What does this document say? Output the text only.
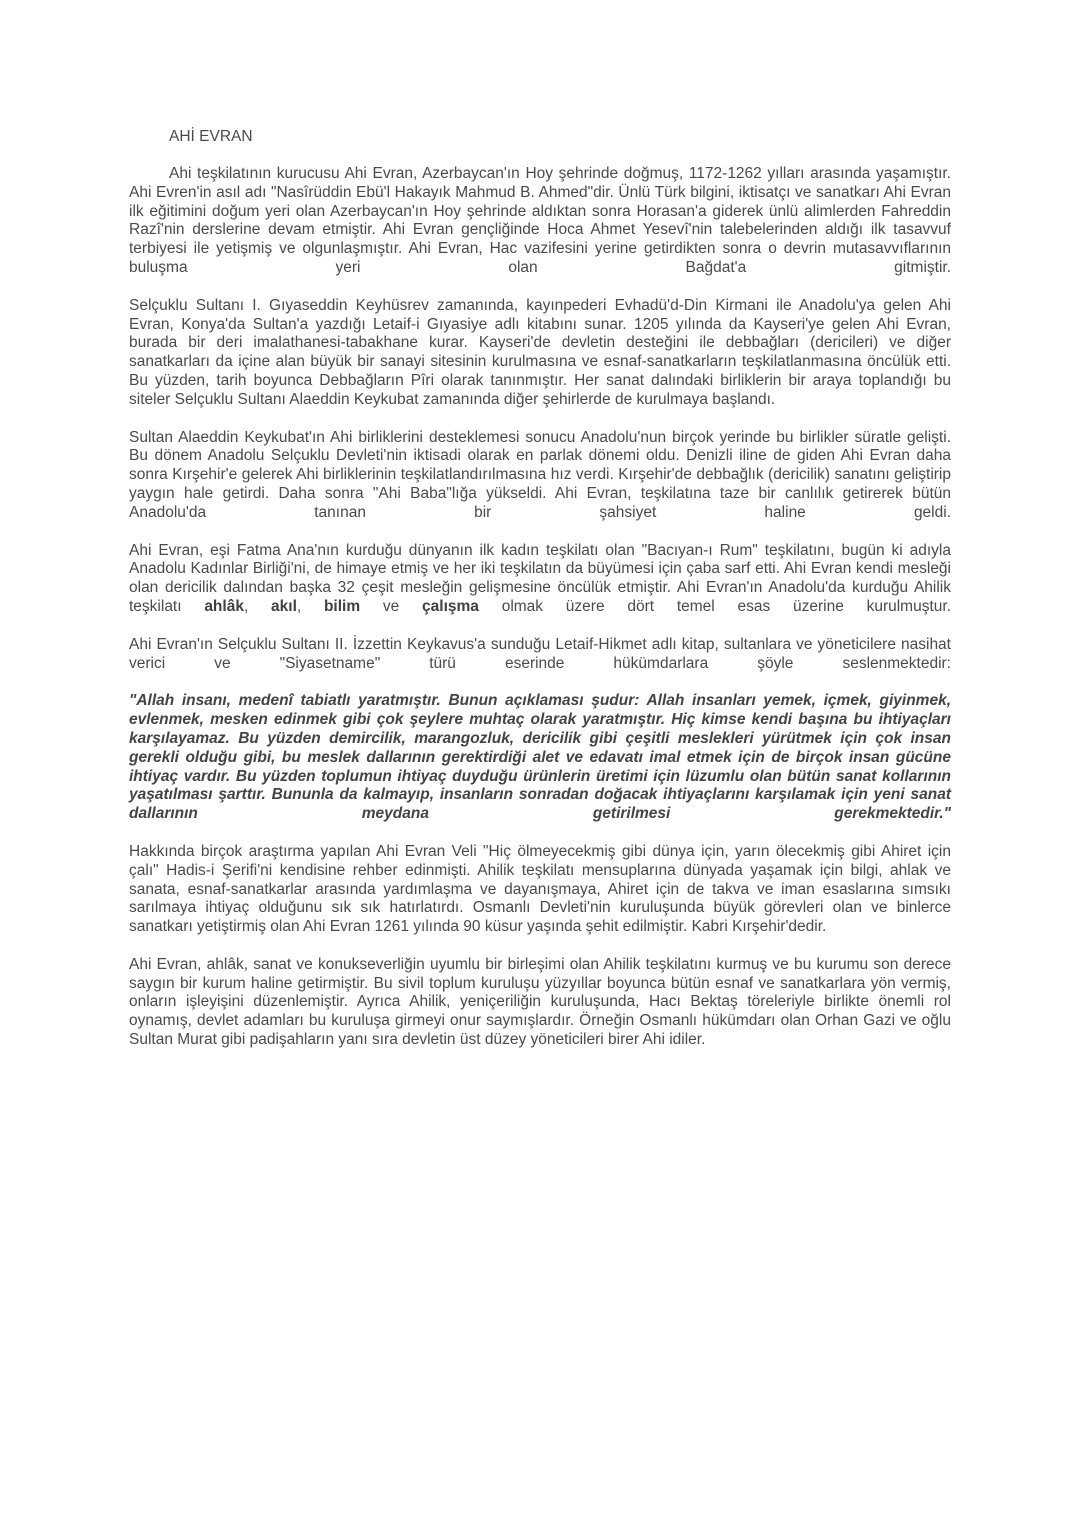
AHİ EVRAN

Ahi teşkilatının kurucusu Ahi Evran, Azerbaycan'ın Hoy şehrinde doğmuş, 1172-1262 yılları arasında yaşamıştır. Ahi Evren'in asıl adı "Nasîrüddin Ebü'l Hakayık Mahmud B. Ahmed"dir. Ünlü Türk bilgini, iktisatçı ve sanatkarı Ahi Evran ilk eğitimini doğum yeri olan Azerbaycan'ın Hoy şehrinde aldıktan sonra Horasan'a giderek ünlü alimlerden Fahreddin Razî'nin derslerine devam etmiştir. Ahi Evran gençliğinde Hoca Ahmet Yesevî'nin talebelerinden aldığı ilk tasavvuf terbiyesi ile yetişmiş ve olgunlaşmıştır. Ahi Evran, Hac vazifesini yerine getirdikten sonra o devrin mutasavvıflarının buluşma yeri olan Bağdat'a gitmiştir.

Selçuklu Sultanı I. Gıyaseddin Keyhüsrev zamanında, kayınpederi Evhadü'd-Din Kirmani ile Anadolu'ya gelen Ahi Evran, Konya'da Sultan'a yazdığı Letaif-i Gıyasiye adlı kitabını sunar. 1205 yılında da Kayseri'ye gelen Ahi Evran, burada bir deri imalathanesi-tabakhane kurar. Kayseri'de devletin desteğini ile debbağları (dericileri) ve diğer sanatkarları da içine alan büyük bir sanayi sitesinin kurulmasına ve esnaf-sanatkarların teşkilatlanmasına öncülük etti. Bu yüzden, tarih boyunca Debbağların Pîri olarak tanınmıştır. Her sanat dalındaki birliklerin bir araya toplandığı bu siteler Selçuklu Sultanı Alaeddin Keykubat zamanında diğer şehirlerde de kurulmaya başlandı.

Sultan Alaeddin Keykubat'ın Ahi birliklerini desteklemesi sonucu Anadolu'nun birçok yerinde bu birlikler süratle gelişti. Bu dönem Anadolu Selçuklu Devleti'nin iktisadi olarak en parlak dönemi oldu. Denizli iline de giden Ahi Evran daha sonra Kırşehir'e gelerek Ahi birliklerinin teşkilatlandırılmasına hız verdi. Kırşehir'de debbağlık (dericilik) sanatını geliştirip yaygın hale getirdi. Daha sonra "Ahi Baba"lığa yükseldi. Ahi Evran, teşkilatına taze bir canlılık getirerek bütün Anadolu'da tanınan bir şahsiyet haline geldi.

Ahi Evran, eşi Fatma Ana'nın kurduğu dünyanın ilk kadın teşkilatı olan "Bacıyan-ı Rum" teşkilatını, bugün ki adıyla Anadolu Kadınlar Birliği'ni, de himaye etmiş ve her iki teşkilatın da büyümesi için çaba sarf etti. Ahi Evran kendi mesleği olan dericilik dalından başka 32 çeşit mesleğin gelişmesine öncülük etmiştir. Ahi Evran'ın Anadolu'da kurduğu Ahilik teşkilatı ahlâk, akıl, bilim ve çalışma olmak üzere dört temel esas üzerine kurulmuştur.

Ahi Evran'ın Selçuklu Sultanı II. İzzettin Keykavus'a sunduğu Letaif-Hikmet adlı kitap, sultanlara ve yöneticilere nasihat verici ve "Siyasetname" türü eserinde hükümdarlara şöyle seslenmektedir:

"Allah insanı, medenî tabiatlı yaratmıştır. Bunun açıklaması şudur: Allah insanları yemek, içmek, giyinmek, evlenmek, mesken edinmek gibi çok şeylere muhtaç olarak yaratmıştır. Hiç kimse kendi başına bu ihtiyaçları karşılayamaz. Bu yüzden demircilik, marangozluk, dericilik gibi çeşitli meslekleri yürütmek için çok insan gerekli olduğu gibi, bu meslek dallarının gerektirdiği alet ve edavatı imal etmek için de birçok insan gücüne ihtiyaç vardır. Bu yüzden toplumun ihtiyaç duyduğu ürünlerin üretimi için lüzumlu olan bütün sanat kollarının yaşatılması şarttır. Bununla da kalmayıp, insanların sonradan doğacak ihtiyaçlarını karşılamak için yeni sanat dallarının meydana getirilmesi gerekmektedir."

Hakkında birçok araştırma yapılan Ahi Evran Veli "Hiç ölmeyecekmiş gibi dünya için, yarın ölecekmiş gibi Ahiret için çalı" Hadis-i Şerifi'ni kendisine rehber edinmişti. Ahilik teşkilatı mensuplarına dünyada yaşamak için bilgi, ahlak ve sanata, esnaf-sanatkarlar arasında yardımlaşma ve dayanışmaya, Ahiret için de takva ve iman esaslarına sımsıkı sarılmaya ihtiyaç olduğunu sık sık hatırlatırdı. Osmanlı Devleti'nin kuruluşunda büyük görevleri olan ve binlerce sanatkarı yetiştirmiş olan Ahi Evran 1261 yılında 90 küsur yaşında şehit edilmiştir. Kabri Kırşehir'dedir.

Ahi Evran, ahlâk, sanat ve konukseverliğin uyumlu bir birleşimi olan Ahilik teşkilatını kurmuş ve bu kurumu son derece saygın bir kurum haline getirmiştir. Bu sivil toplum kuruluşu yüzyıllar boyunca bütün esnaf ve sanatkarlara yön vermiş, onların işleyişini düzenlemiştir. Ayrıca Ahilik, yeniçeriliğin kuruluşunda, Hacı Bektaş töreleriyle birlikte önemli rol oynamış, devlet adamları bu kuruluşa girmeyi onur saymışlardır. Örneğin Osmanlı hükümdarı olan Orhan Gazi ve oğlu Sultan Murat gibi padişahların yanı sıra devletin üst düzey yöneticileri birer Ahi idiler.
